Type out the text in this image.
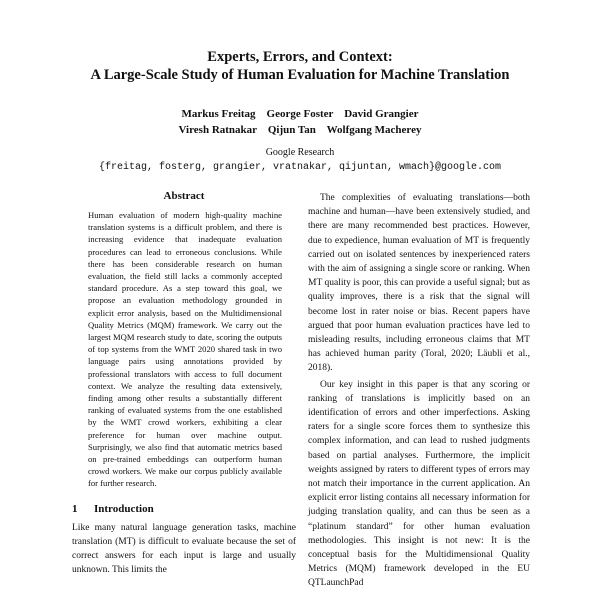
Experts, Errors, and Context:
A Large-Scale Study of Human Evaluation for Machine Translation
Markus Freitag    George Foster    David Grangier
Viresh Ratnakar    Qijun Tan    Wolfgang Macherey
Google Research
{freitag, fosterg, grangier, vratnakar, qijuntan, wmach}@google.com
Abstract
Human evaluation of modern high-quality machine translation systems is a difficult problem, and there is increasing evidence that inadequate evaluation procedures can lead to erroneous conclusions. While there has been considerable research on human evaluation, the field still lacks a commonly accepted standard procedure. As a step toward this goal, we propose an evaluation methodology grounded in explicit error analysis, based on the Multidimensional Quality Metrics (MQM) framework. We carry out the largest MQM research study to date, scoring the outputs of top systems from the WMT 2020 shared task in two language pairs using annotations provided by professional translators with access to full document context. We analyze the resulting data extensively, finding among other results a substantially different ranking of evaluated systems from the one established by the WMT crowd workers, exhibiting a clear preference for human over machine output. Surprisingly, we also find that automatic metrics based on pre-trained embeddings can outperform human crowd workers. We make our corpus publicly available for further research.
1 Introduction
Like many natural language generation tasks, machine translation (MT) is difficult to evaluate because the set of correct answers for each input is large and usually unknown. This limits the

The complexities of evaluating translations—both machine and human—have been extensively studied, and there are many recommended best practices. However, due to expedience, human evaluation of MT is frequently carried out on isolated sentences by inexperienced raters with the aim of assigning a single score or ranking. When MT quality is poor, this can provide a useful signal; but as quality improves, there is a risk that the signal will become lost in rater noise or bias. Recent papers have argued that poor human evaluation practices have led to misleading results, including erroneous claims that MT has achieved human parity (Toral, 2020; Läubli et al., 2018).

Our key insight in this paper is that any scoring or ranking of translations is implicitly based on an identification of errors and other imperfections. Asking raters for a single score forces them to synthesize this complex information, and can lead to rushed judgments based on partial analyses. Furthermore, the implicit weights assigned by raters to different types of errors may not match their importance in the current application. An explicit error listing contains all necessary information for judging translation quality, and can thus be seen as a “platinum standard” for other human evaluation methodologies. This insight is not new: It is the conceptual basis for the Multidimensional Quality Metrics (MQM) framework developed in the EU QTLaunchPad
